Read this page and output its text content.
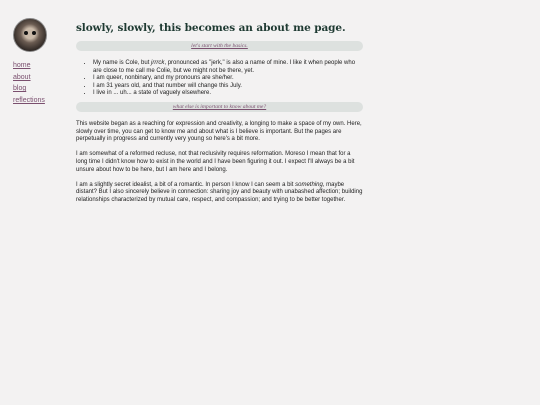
home
about
blog
reflections
slowly, slowly, this becomes an about me page.
let's start with the basics.
• My name is Cole, but jrrrck, pronounced as "jerk," is also a name of mine. I like it when people who are close to me call me Colie, but we might not be there, yet.
• I am queer, nonbinary, and my pronouns are she/her.
• I am 31 years old, and that number will change this July.
• I live in ... uh... a state of vaguely elsewhere.
what else is important to know about me?

This website began as a reaching for expression and creativity, a longing to make a space of my own. Here, slowly over time, you can get to know me and about what is I believe is important. But the pages are perpetually in progress and currently very young so here's a bit more.

I am somewhat of a reformed recluse, not that reclusivity requires reformation. Moreso I mean that for a long time I didn't know how to exist in the world and I have been figuring it out. I expect I'll always be a bit unsure about how to be here, but I am here and I belong.

I am a slightly secret idealist, a bit of a romantic. In person I know I can seem a bit something, maybe distant? But I also sincerely believe in connection: sharing joy and beauty with unabashed affection; building relationships characterized by mutual care, respect, and compassion; and trying to be better together.
